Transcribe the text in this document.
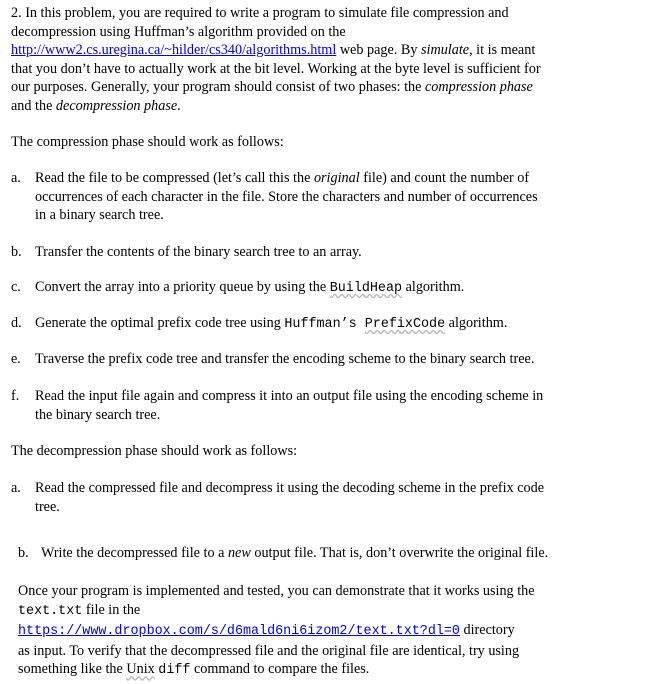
2. In this problem, you are required to write a program to simulate file compression and
decompression using Huffman’s algorithm provided on the
http://www2.cs.uregina.ca/~hilder/cs340/algorithms.html web page. By simulate, it is meant
that you don’t have to actually work at the bit level. Working at the byte level is sufficient for
our purposes. Generally, your program should consist of two phases: the compression phase
and the decompression phase.
The compression phase should work as follows:
a. Read the file to be compressed (let’s call this the original file) and count the number of
occurrences of each character in the file. Store the characters and number of occurrences
in a binary search tree.
b. Transfer the contents of the binary search tree to an array.
c. Convert the array into a priority queue by using the BuildHeap algorithm.
d. Generate the optimal prefix code tree using Huffman’s PrefixCode algorithm.
e. Traverse the prefix code tree and transfer the encoding scheme to the binary search tree.
f.	Read the input file again and compress it into an output file using the encoding scheme in
the binary search tree.
The decompression phase should work as follows:
a. Read the compressed file and decompress it using the decoding scheme in the prefix code
tree.
b. Write the decompressed file to a new output file. That is, don’t overwrite the original file.
Once your program is implemented and tested, you can demonstrate that it works using the
text.txt file in the
https://www.dropbox.com/s/d6mald6ni6izom2/text.txt?dl=0 directory
as input. To verify that the decompressed file and the original file are identical, try using
something like the Unix diff command to compare the files.
